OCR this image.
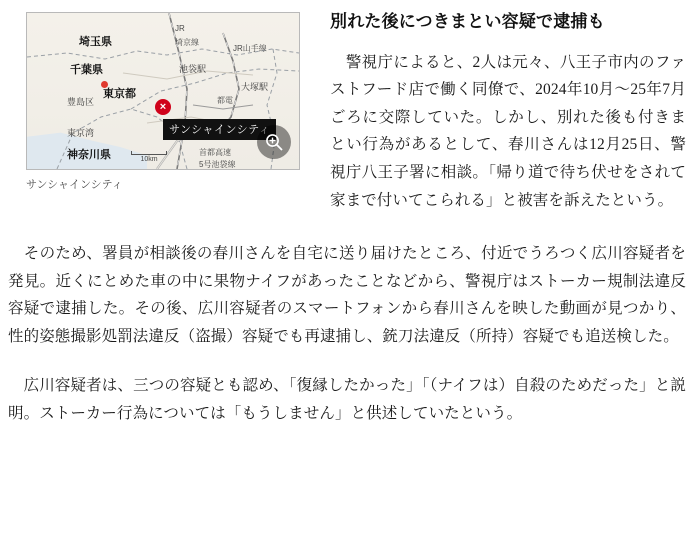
埼玉県
千葉県
東京都
豊島区
東京湾
神奈川県
JR
埼京線
JR山手線
池袋駅
大塚駅
都電
首都高速
5号池袋線
×
サンシャインシティ
10km
サンシャインシティ
別れた後につきまとい容疑で逮捕も

警視庁によると、2人は元々、八王子市内のファストフード店で働く同僚で、2024年10月〜25年7月ごろに交際していた。しかし、別れた後も付きまとい行為があるとして、春川さんは12月25日、警視庁八王子署に相談。「帰り道で待ち伏せをされて家まで付いてこられる」と被害を訴えたという。

そのため、署員が相談後の春川さんを自宅に送り届けたところ、付近でうろつく広川容疑者を発見。近くにとめた車の中に果物ナイフがあったことなどから、警視庁はストーカー規制法違反容疑で逮捕した。その後、広川容疑者のスマートフォンから春川さんを映した動画が見つかり、性的姿態撮影処罰法違反（盗撮）容疑でも再逮捕し、銃刀法違反（所持）容疑でも追送検した。

広川容疑者は、三つの容疑とも認め、「復縁したかった」「（ナイフは）自殺のためだった」と説明。ストーカー行為については「もうしません」と供述していたという。
